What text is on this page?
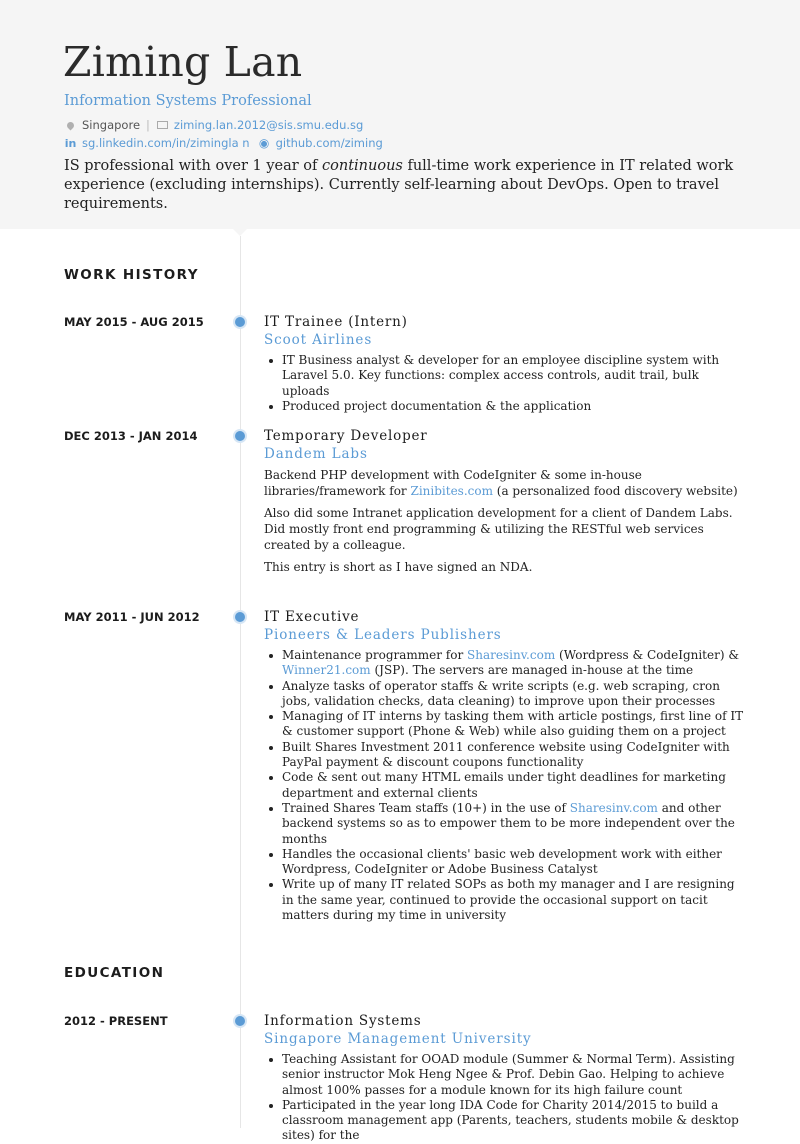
Ziming Lan
Information Systems Professional
Singapore | ziming.lan.2012@sis.smu.edu.sg
in sg.linkedin.com/in/zimingla n ◉ github.com/ziming
IS professional with over 1 year of continuous full-time work experience in IT related work experience (excluding internships). Currently self-learning about DevOps. Open to travel requirements.
WORK HISTORY
MAY 2015 - AUG 2015	IT Trainee (Intern)
Scoot Airlines
IT Business analyst & developer for an employee discipline system with Laravel 5.0. Key functions: complex access controls, audit trail, bulk uploads
Produced project documentation & the application
DEC 2013 - JAN 2014	Temporary Developer
Dandem Labs

Backend PHP development with CodeIgniter & some in-house libraries/framework for Zinibites.com (a personalized food discovery website)

Also did some Intranet application development for a client of Dandem Labs. Did mostly front end programming & utilizing the RESTful web services created by a colleague.

This entry is short as I have signed an NDA.

MAY 2011 - JUN 2012	IT Executive
Pioneers & Leaders Publishers
Maintenance programmer for Sharesinv.com (Wordpress & CodeIgniter) & Winner21.com (JSP). The servers are managed in-house at the time
Analyze tasks of operator staffs & write scripts (e.g. web scraping, cron jobs, validation checks, data cleaning) to improve upon their processes
Managing of IT interns by tasking them with article postings, first line of IT & customer support (Phone & Web) while also guiding them on a project
Built Shares Investment 2011 conference website using CodeIgniter with PayPal payment & discount coupons functionality
Code & sent out many HTML emails under tight deadlines for marketing department and external clients
Trained Shares Team staffs (10+) in the use of Sharesinv.com and other backend systems so as to empower them to be more independent over the months
Handles the occasional clients' basic web development work with either Wordpress, CodeIgniter or Adobe Business Catalyst
Write up of many IT related SOPs as both my manager and I are resigning in the same year, continued to provide the occasional support on tacit matters during my time in university
EDUCATION
2012 - PRESENT	Information Systems
Singapore Management University
Teaching Assistant for OOAD module (Summer & Normal Term). Assisting senior instructor Mok Heng Ngee & Prof. Debin Gao. Helping to achieve almost 100% passes for a module known for its high failure count
Participated in the year long IDA Code for Charity 2014/2015 to build a classroom management app (Parents, teachers, students mobile & desktop sites) for the
